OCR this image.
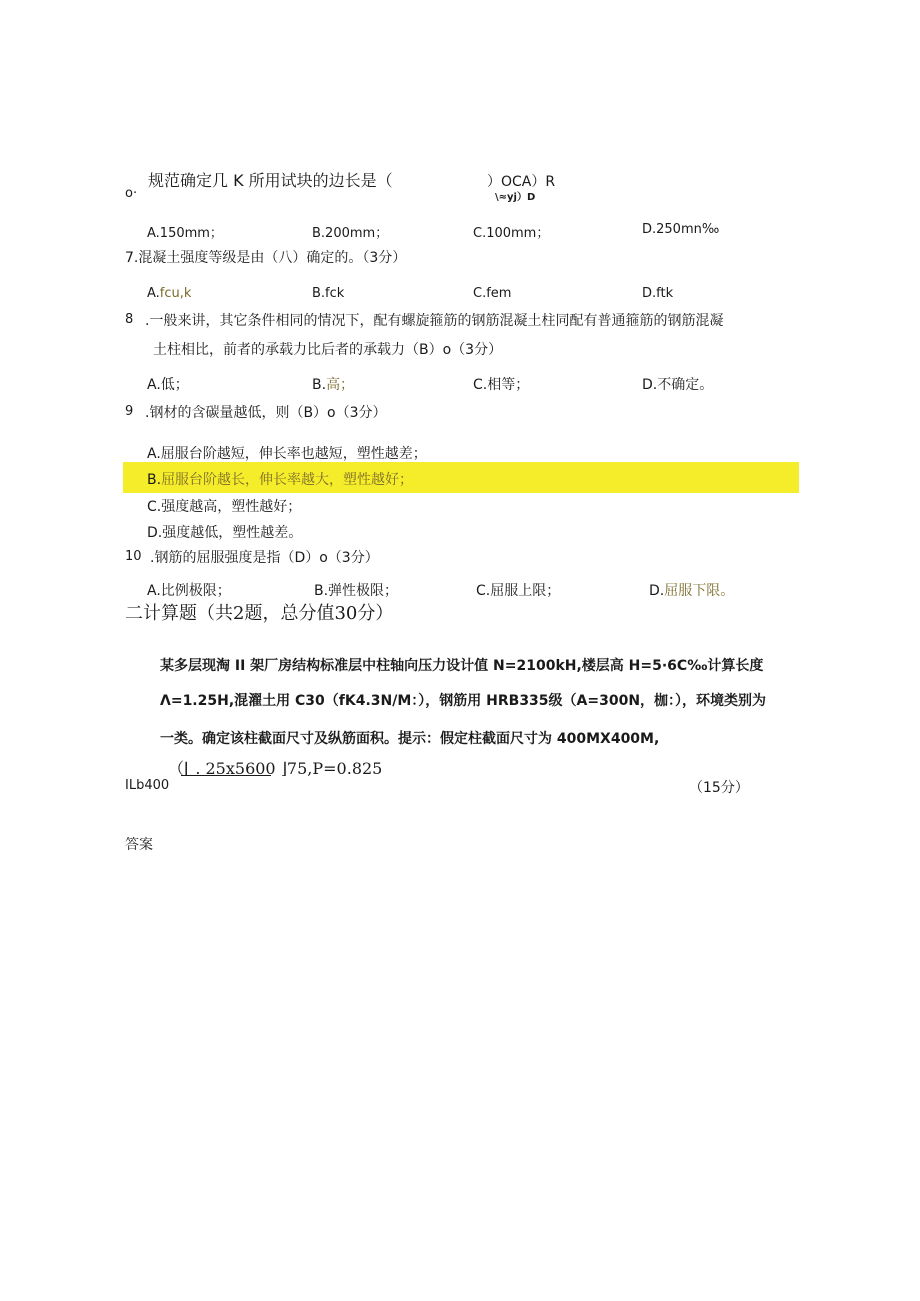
o·
规范确定几 K 所用试块的边长是（	）OCA）R
\≈yj）D
A.150mm；	B.200mm；	C.100mm；	D.250mn‰
7.混凝土强度等级是由（八）确定的。（3分）
A.fcu,k	B.fck	C.fem	D.ftk
8 .一般来讲，其它条件相同的情况下，配有螺旋箍筋的钢筋混凝土柱同配有普通箍筋的钢筋混凝
土柱相比，前者的承载力比后者的承载力（B）o（3分）
A.低；	B.高；	C.相等；	D.不确定。
9 .钢材的含碳量越低，则（B）o（3分）
A.屈服台阶越短，伸长率也越短，塑性越差；
B.屈服台阶越长，伸长率越大，塑性越好；
C.强度越高，塑性越好；
D.强度越低，塑性越差。
10 .钢筋的屈服强度是指（D）o（3分）
A.比例极限；	B.弹性极限；	C.屈服上限；	D.屈服下限。
二计算题（共2题，总分值30分）
某多层现淘 II 架厂房结构标准层中柱轴向压力设计值 N=2100kH,楼层高 H=5·6C‰计算长度
Λ=1.25H,混濯土用 C30（fK4.3N/M：），钢筋用 HRB335级（A=300N，枷：），环境类别为
一类。确定该柱截面尺寸及纵筋面积。提示：假定柱截面尺寸为 400MX400M,
（⌊ . 25x5600 ⌋75,P=0.825
ILb400	（15分）
答案
